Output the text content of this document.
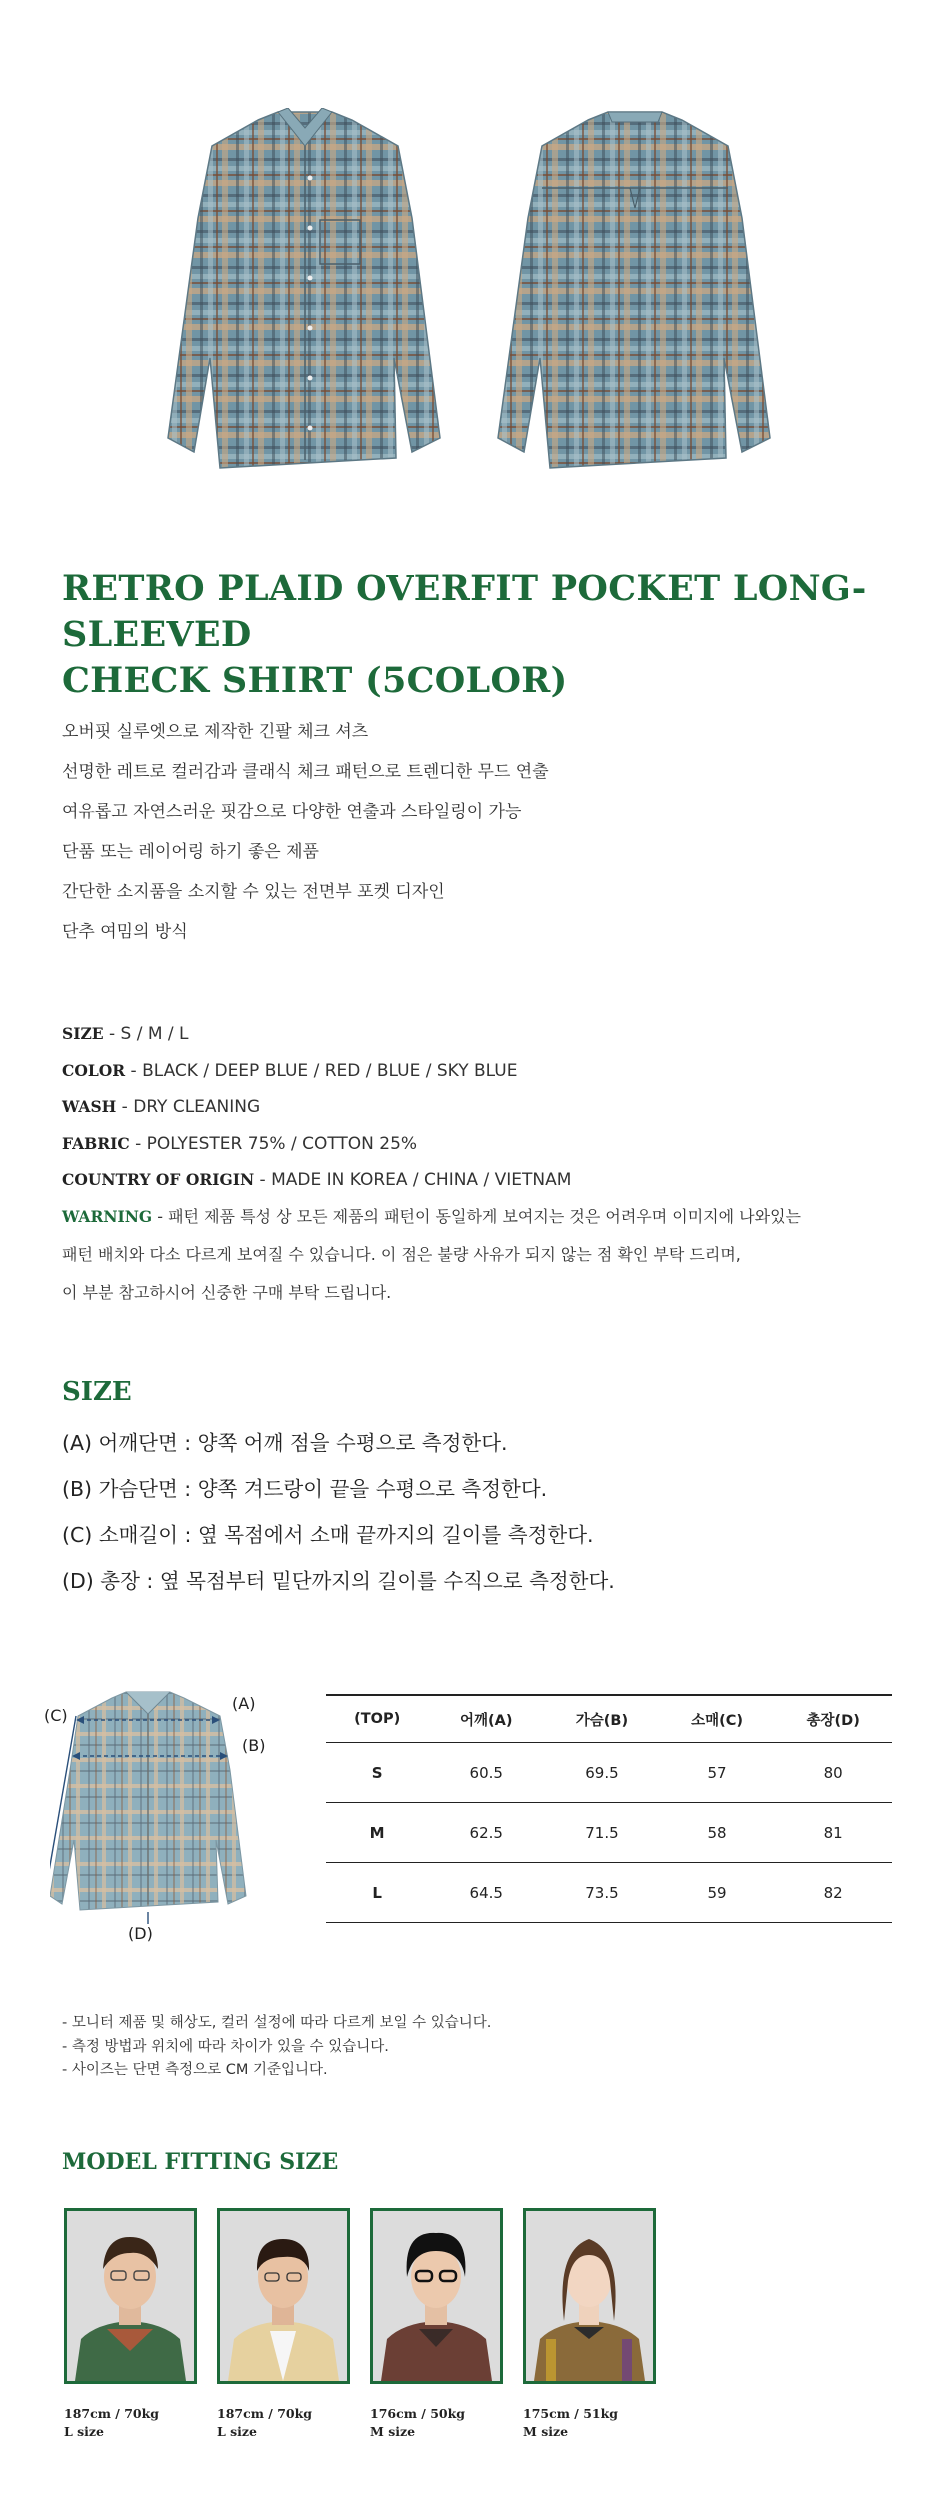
RETRO PLAID OVERFIT POCKET LONG-SLEEVED
CHECK SHIRT (5COLOR)
오버핏 실루엣으로 제작한 긴팔 체크 셔츠
선명한 레트로 컬러감과 클래식 체크 패턴으로 트렌디한 무드 연출
여유롭고 자연스러운 핏감으로 다양한 연출과 스타일링이 가능
단품 또는 레이어링 하기 좋은 제품
간단한 소지품을 소지할 수 있는 전면부 포켓 디자인
단추 여밈의 방식
SIZE - S / M / L
COLOR - BLACK / DEEP BLUE / RED / BLUE / SKY BLUE
WASH - DRY CLEANING
FABRIC - POLYESTER 75% / COTTON 25%
COUNTRY OF ORIGIN - MADE IN KOREA / CHINA / VIETNAM
WARNING - 패턴 제품 특성 상 모든 제품의 패턴이 동일하게 보여지는 것은 어려우며 이미지에 나와있는
패턴 배치와 다소 다르게 보여질 수 있습니다. 이 점은 불량 사유가 되지 않는 점 확인 부탁 드리며,
이 부분 참고하시어 신중한 구매 부탁 드립니다.
SIZE
(A) 어깨단면 : 양쪽 어깨 점을 수평으로 측정한다.
(B) 가슴단면 : 양쪽 겨드랑이 끝을 수평으로 측정한다.
(C) 소매길이 : 옆 목점에서 소매 끝까지의 길이를 측정한다.
(D) 총장 : 옆 목점부터 밑단까지의 길이를 수직으로 측정한다.
(A)
(B)
(C)
(D)
(TOP)	어깨(A)	가슴(B)	소매(C)	총장(D)
S	60.5	69.5	57	80
M	62.5	71.5	58	81
L	64.5	73.5	59	82
- 모니터 제품 및 해상도, 컬러 설정에 따라 다르게 보일 수 있습니다.
- 측정 방법과 위치에 따라 차이가 있을 수 있습니다.
- 사이즈는 단면 측정으로 CM 기준입니다.
MODEL FITTING SIZE
187cm / 70kg
L size
187cm / 70kg
L size
176cm / 50kg
M size
175cm / 51kg
M size
